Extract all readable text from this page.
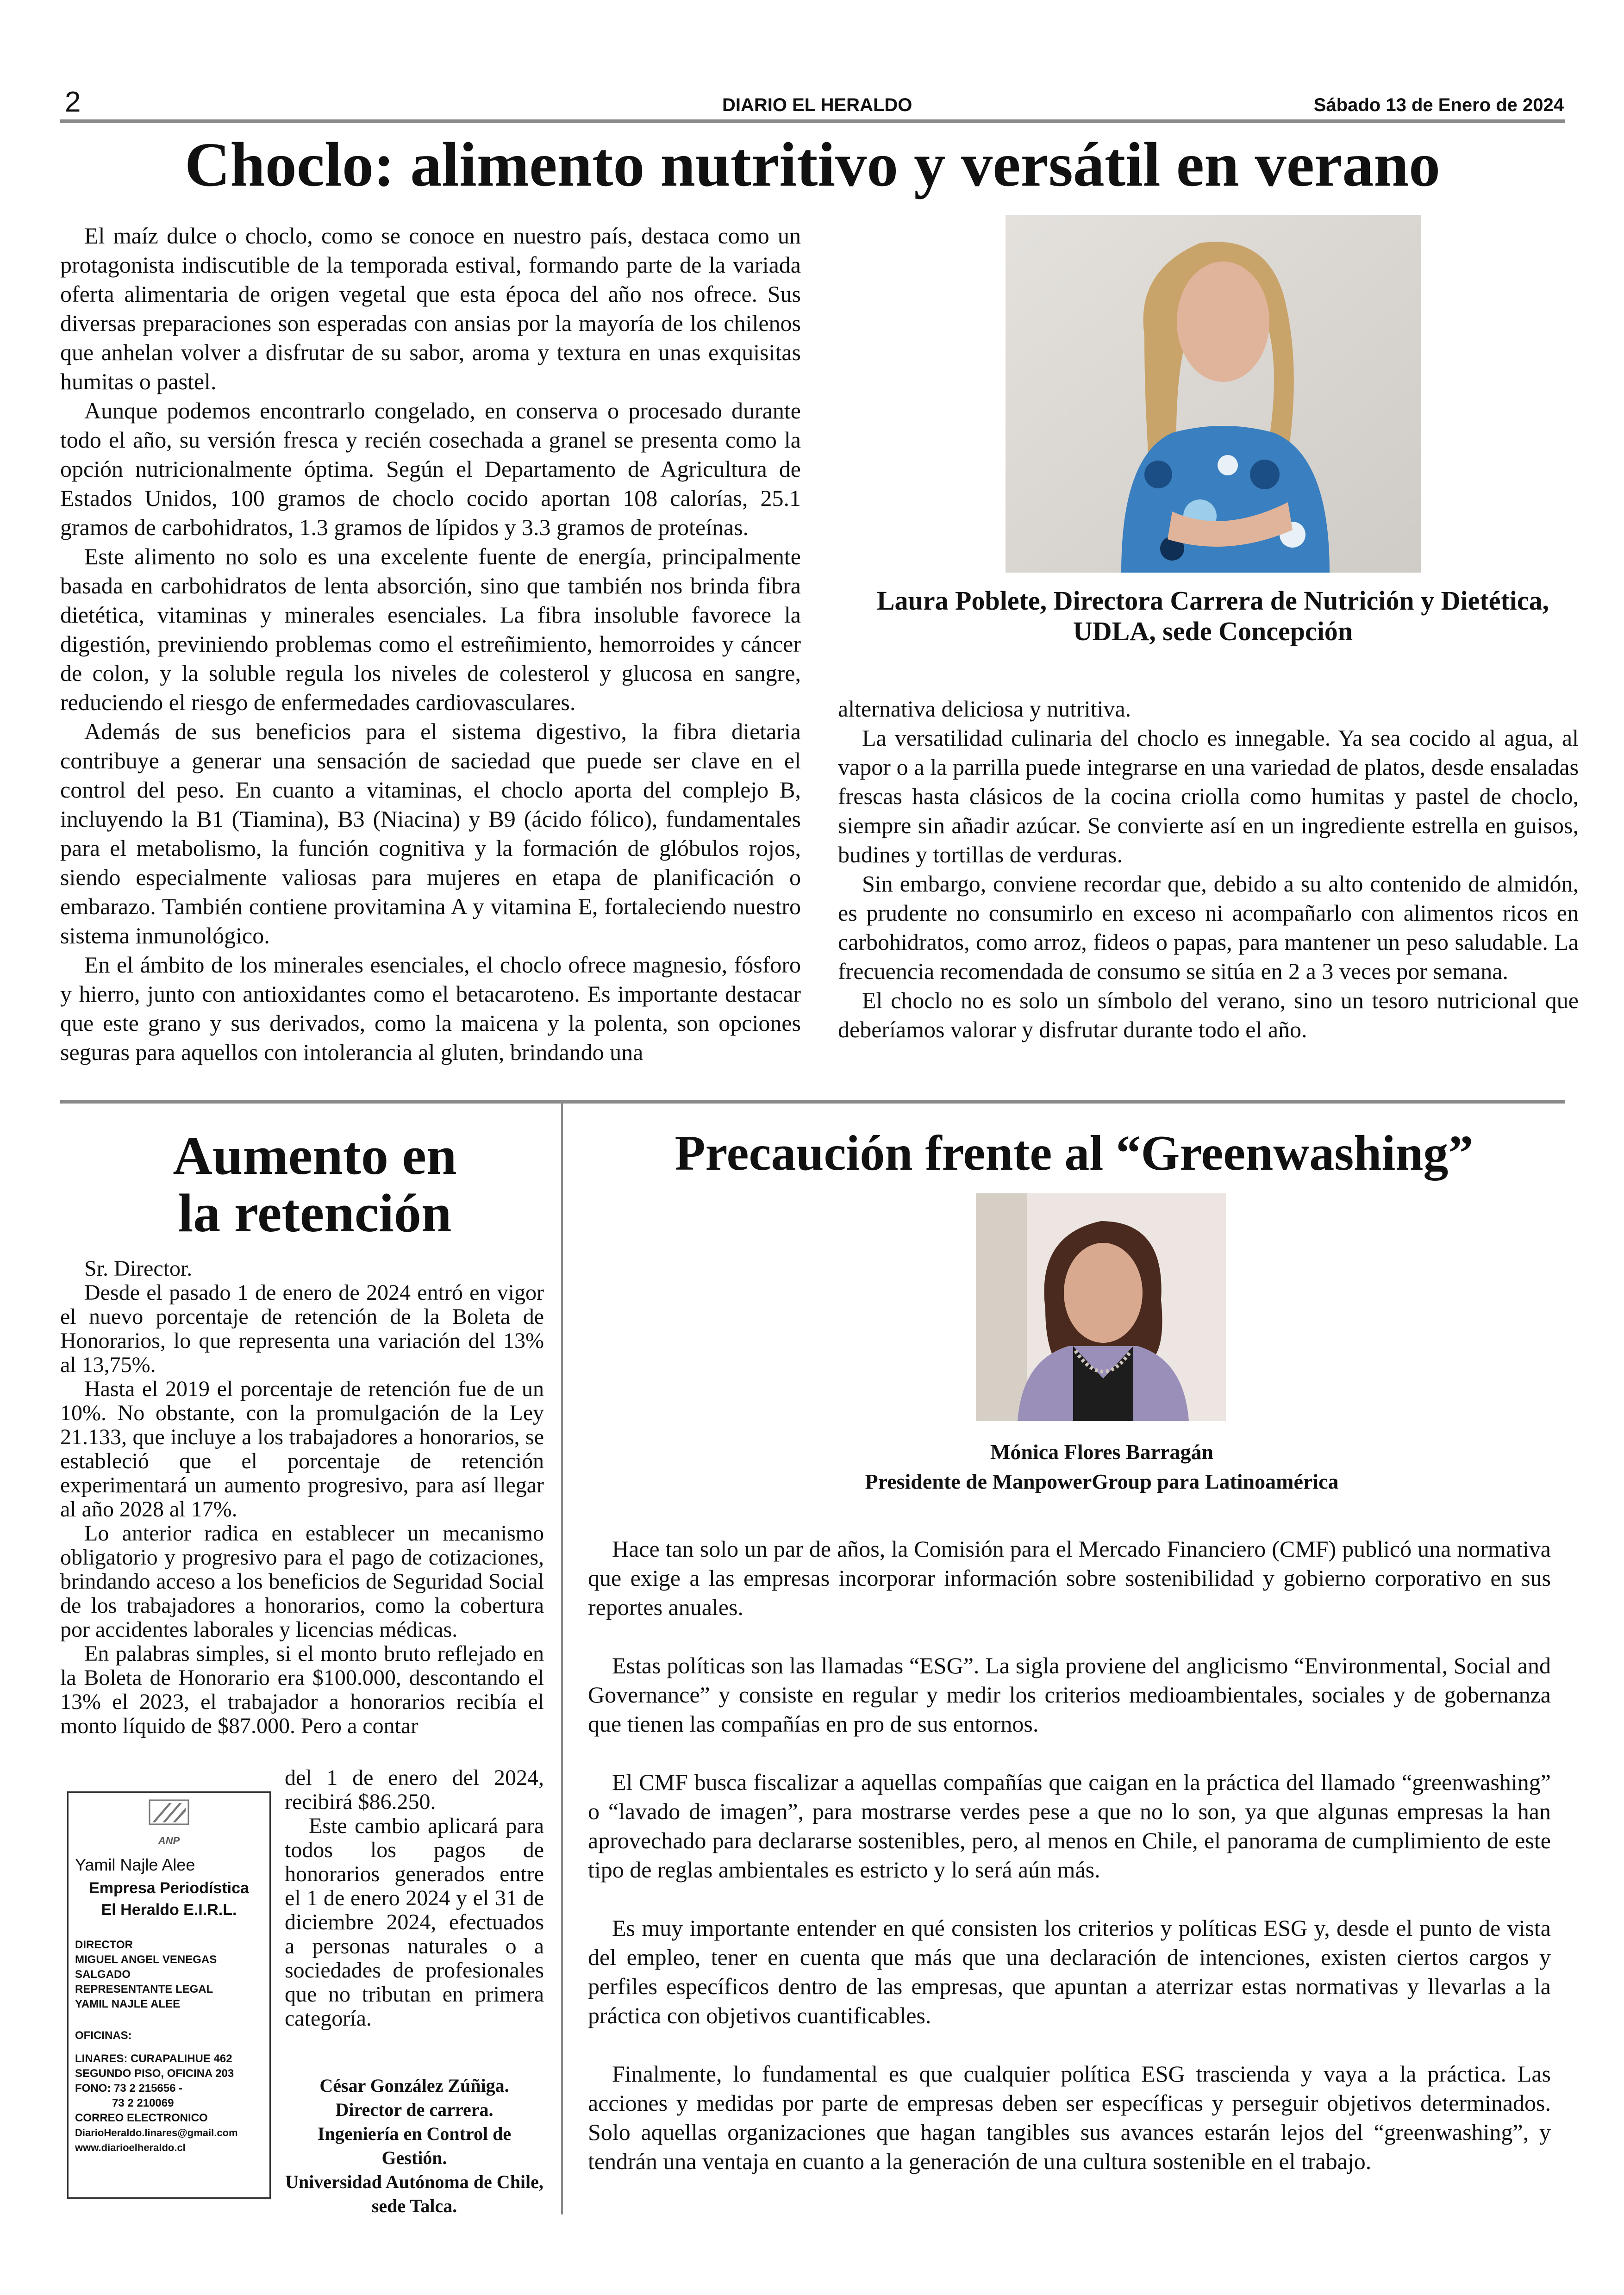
2	DIARIO EL HERALDO	Sábado 13 de Enero de 2024
Choclo: alimento nutritivo y versátil en verano

El maíz dulce o choclo, como se conoce en nuestro país, destaca como un protagonista indiscutible de la temporada estival, formando parte de la variada oferta alimentaria de origen vegetal que esta época del año nos ofrece. Sus diversas preparaciones son esperadas con ansias por la mayoría de los chilenos que anhelan volver a disfrutar de su sabor, aroma y textura en unas exquisitas humitas o pastel.

Aunque podemos encontrarlo congelado, en conserva o procesado durante todo el año, su versión fresca y recién cosechada a granel se presenta como la opción nutricionalmente óptima. Según el Departamento de Agricultura de Estados Unidos, 100 gramos de choclo cocido aportan 108 calorías, 25.1 gramos de carbohidratos, 1.3 gramos de lípidos y 3.3 gramos de proteínas.

Este alimento no solo es una excelente fuente de energía, principalmente basada en carbohidratos de lenta absorción, sino que también nos brinda fibra dietética, vitaminas y minerales esenciales. La fibra insoluble favorece la digestión, previniendo problemas como el estreñimiento, hemorroides y cáncer de colon, y la soluble regula los niveles de colesterol y glucosa en sangre, reduciendo el riesgo de enfermedades cardiovasculares.

Además de sus beneficios para el sistema digestivo, la fibra dietaria contribuye a generar una sensación de saciedad que puede ser clave en el control del peso. En cuanto a vitaminas, el choclo aporta del complejo B, incluyendo la B1 (Tiamina), B3 (Niacina) y B9 (ácido fólico), fundamentales para el metabolismo, la función cognitiva y la formación de glóbulos rojos, siendo especialmente valiosas para mujeres en etapa de planificación o embarazo. También contiene provitamina A y vitamina E, fortaleciendo nuestro sistema inmunológico.

En el ámbito de los minerales esenciales, el choclo ofrece magnesio, fósforo y hierro, junto con antioxidantes como el betacaroteno. Es importante destacar que este grano y sus derivados, como la maicena y la polenta, son opciones seguras para aquellos con intolerancia al gluten, brindando una

Laura Poblete, Directora Carrera de Nutrición y Dietética, UDLA, sede Concepción
alternativa deliciosa y nutritiva.

La versatilidad culinaria del choclo es innegable. Ya sea cocido al agua, al vapor o a la parrilla puede integrarse en una variedad de platos, desde ensaladas frescas hasta clásicos de la cocina criolla como humitas y pastel de choclo, siempre sin añadir azúcar. Se convierte así en un ingrediente estrella en guisos, budines y tortillas de verduras.

Sin embargo, conviene recordar que, debido a su alto contenido de almidón, es prudente no consumirlo en exceso ni acompañarlo con alimentos ricos en carbohidratos, como arroz, fideos o papas, para mantener un peso saludable. La frecuencia recomendada de consumo se sitúa en 2 a 3 veces por semana.

El choclo no es solo un símbolo del verano, sino un tesoro nutricional que deberíamos valorar y disfrutar durante todo el año.

Aumento en
la retención
Sr. Director.

Desde el pasado 1 de enero de 2024 entró en vigor el nuevo porcentaje de retención de la Boleta de Honorarios, lo que representa una variación del 13% al 13,75%.

Hasta el 2019 el porcentaje de retención fue de un 10%. No obstante, con la promulgación de la Ley 21.133, que incluye a los trabajadores a honorarios, se estableció que el porcentaje de retención experimentará un aumento progresivo, para así llegar al año 2028 al 17%.

Lo anterior radica en establecer un mecanismo obligatorio y progresivo para el pago de cotizaciones, brindando acceso a los beneficios de Seguridad Social de los trabajadores a honorarios, como la cobertura por accidentes laborales y licencias médicas.

En palabras simples, si el monto bruto reflejado en la Boleta de Honorario era $100.000, descontando el 13% el 2023, el trabajador a honorarios recibía el monto líquido de $87.000. Pero a contar

del 1 de enero del 2024, recibirá $86.250.

Este cambio aplicará para todos los pagos de honorarios generados entre el 1 de enero 2024 y el 31 de diciembre 2024, efectuados a personas naturales o a sociedades de profesionales que no tributan en primera categoría.

César González Zúñiga.
Director de carrera.
Ingeniería en Control de Gestión.
Universidad Autónoma de Chile, sede Talca.
ANP
Yamil Najle Alee
Empresa Periodística
El Heraldo E.I.R.L.

DIRECTOR

MIGUEL ANGEL VENEGAS SALGADO

REPRESENTANTE LEGAL

YAMIL NAJLE ALEE

OFICINAS:

LINARES: CURAPALIHUE 462

SEGUNDO PISO, OFICINA 203

FONO: 73 2 215656 -

73 2 210069

CORREO ELECTRONICO

DiarioHeraldo.linares@gmail.com

www.diarioelheraldo.cl

Precaución frente al “Greenwashing”
Mónica Flores Barragán
Presidente de ManpowerGroup para Latinoamérica

Hace tan solo un par de años, la Comisión para el Mercado Financiero (CMF) publicó una normativa que exige a las empresas incorporar información sobre sostenibilidad y gobierno corporativo en sus reportes anuales.

Estas políticas son las llamadas “ESG”. La sigla proviene del anglicismo “Environmental, Social and Governance” y consiste en regular y medir los criterios medioambientales, sociales y de gobernanza que tienen las compañías en pro de sus entornos.

El CMF busca fiscalizar a aquellas compañías que caigan en la práctica del llamado “greenwashing” o “lavado de imagen”, para mostrarse verdes pese a que no lo son, ya que algunas empresas la han aprovechado para declararse sostenibles, pero, al menos en Chile, el panorama de cumplimiento de este tipo de reglas ambientales es estricto y lo será aún más.

Es muy importante entender en qué consisten los criterios y políticas ESG y, desde el punto de vista del empleo, tener en cuenta que más que una declaración de intenciones, existen ciertos cargos y perfiles específicos dentro de las empresas, que apuntan a aterrizar estas normativas y llevarlas a la práctica con objetivos cuantificables.

Finalmente, lo fundamental es que cualquier política ESG trascienda y vaya a la práctica. Las acciones y medidas por parte de empresas deben ser específicas y perseguir objetivos determinados. Solo aquellas organizaciones que hagan tangibles sus avances estarán lejos del “greenwashing”, y tendrán una ventaja en cuanto a la generación de una cultura sostenible en el trabajo.
